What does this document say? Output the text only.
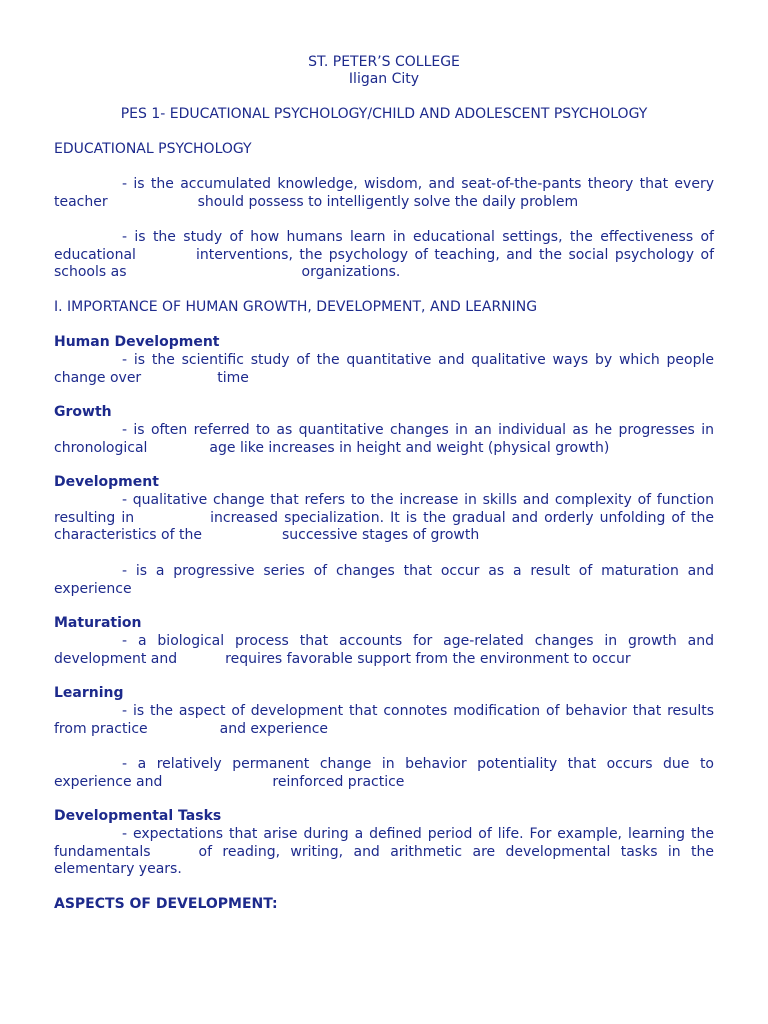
ST. PETER’S COLLEGE
Iligan City
PES 1- EDUCATIONAL PSYCHOLOGY/CHILD AND ADOLESCENT PSYCHOLOGY
EDUCATIONAL PSYCHOLOGY
- is the accumulated knowledge, wisdom, and seat-of-the-pants theory that every teacher	should possess to intelligently solve the daily problem
- is the study of how humans learn in educational settings, the effectiveness of educational	interventions, the psychology of teaching, and the social psychology of schools as	organizations.
I. IMPORTANCE OF HUMAN GROWTH, DEVELOPMENT, AND LEARNING
Human Development
- is the scientific study of the quantitative and qualitative ways by which people change over	time
Growth
- is often referred to as quantitative changes in an individual as he progresses in chronological	age like increases in height and weight (physical growth)
Development
- qualitative change that refers to the increase in skills and complexity of function resulting in	increased specialization. It is the gradual and orderly unfolding of the characteristics of the	successive stages of growth
- is a progressive series of changes that occur as a result of maturation and experience
Maturation
- a biological process that accounts for age-related changes in growth and development and	requires favorable support from the environment to occur
Learning
- is the aspect of development that connotes modification of behavior that results from practice	and experience
- a relatively permanent change in behavior potentiality that occurs due to experience and	reinforced practice
Developmental Tasks
- expectations that arise during a defined period of life. For example, learning the fundamentals	of reading, writing, and arithmetic are developmental tasks in the elementary years.
ASPECTS OF DEVELOPMENT:
